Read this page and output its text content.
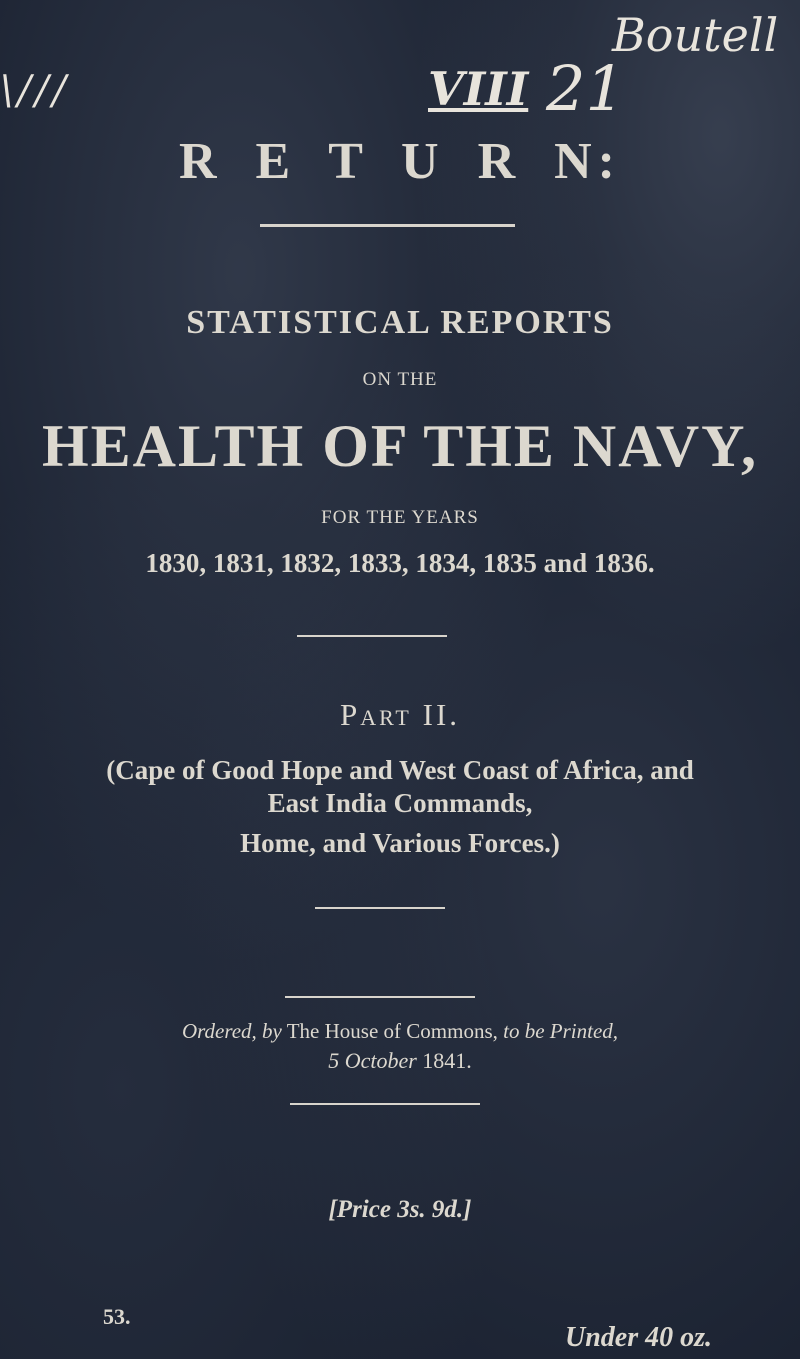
\///	VIII 21
Boutell
R E T U R N:
STATISTICAL REPORTS
ON THE
HEALTH OF THE NAVY,
FOR THE YEARS
1830, 1831, 1832, 1833, 1834, 1835 and 1836.
Part II.
(Cape of Good Hope and West Coast of Africa, and
East India Commands,
Home, and Various Forces.)
Ordered, by The House of Commons, to be Printed,
5 October 1841.
[Price 3s. 9d.]
53.
Under 40 oz.
